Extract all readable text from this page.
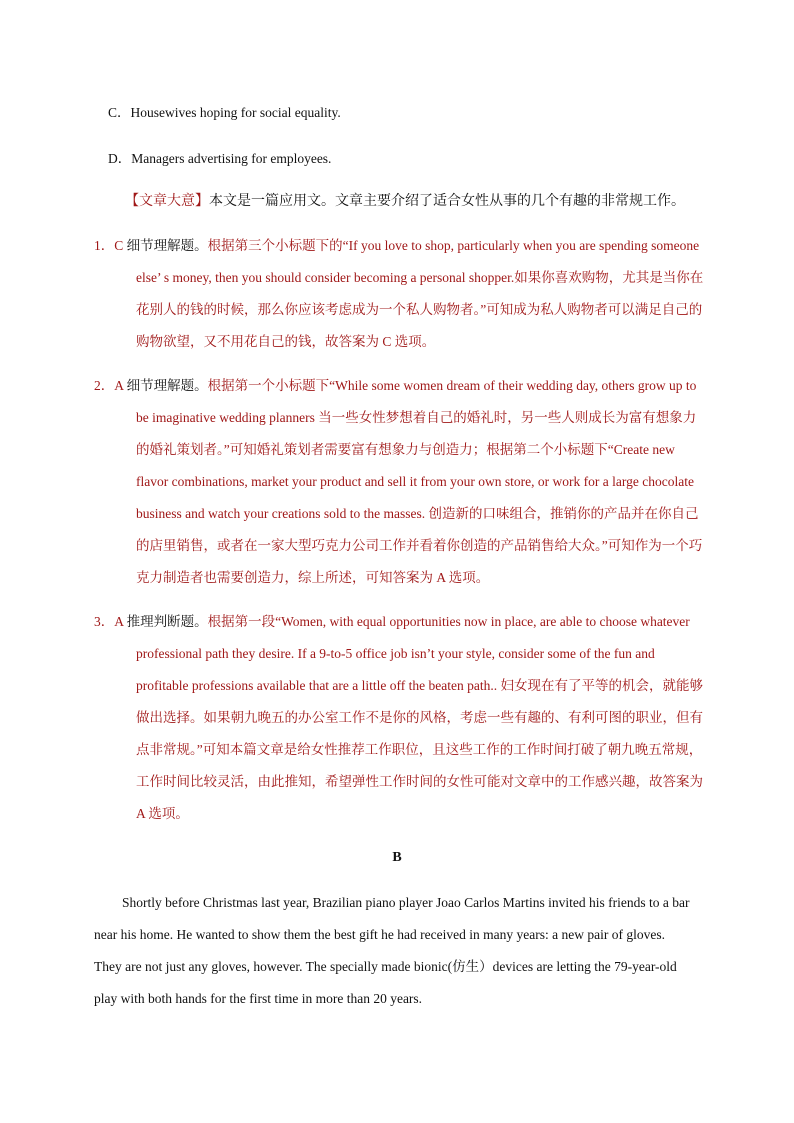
C．Housewives hoping for social equality.
D．Managers advertising for employees.
【文章大意】本文是一篇应用文。文章主要介绍了适合女性从事的几个有趣的非常规工作。
1．C 细节理解题。根据第三个小标题下的“If you love to shop, particularly when you are spending someone else’ s money, then you should consider becoming a personal shopper.如果你喜欢购物，尤其是当你在花别人的钱的时候，那么你应该考虑成为一个私人购物者。”可知成为私人购物者可以满足自己的购物欲望，又不用花自己的钱，故答案为 C 选项。
2．A 细节理解题。根据第一个小标题下“While some women dream of their wedding day, others grow up to be imaginative wedding planners 当一些女性梦想着自己的婚礼时，另一些人则成长为富有想象力的婚礼策划者。”可知婚礼策划者需要富有想象力与创造力；根据第二个小标题下“Create new flavor combinations, market your product and sell it from your own store, or work for a large chocolate business and watch your creations sold to the masses. 创造新的口味组合，推销你的产品并在你自己的店里销售，或者在一家大型巧克力公司工作并看着你创造的产品销售给大众。”可知作为一个巧克力制造者也需要创造力，综上所述，可知答案为 A 选项。
3．A 推理判断题。根据第一段“Women, with equal opportunities now in place, are able to choose whatever professional path they desire. If a 9-to-5 office job isn’t your style, consider some of the fun and profitable professions available that are a little off the beaten path.. 妇女现在有了平等的机会，就能够做出选择。如果朝九晚五的办公室工作不是你的风格，考虑一些有趣的、有利可图的职业，但有点非常规。”可知本篇文章是给女性推荐工作职位，且这些工作的工作时间打破了朝九晚五常规，工作时间比较灵活，由此推知，希望弹性工作时间的女性可能对文章中的工作感兴趣，故答案为 A 选项。
B

Shortly before Christmas last year, Brazilian piano player Joao Carlos Martins invited his friends to a bar near his home. He wanted to show them the best gift he had received in many years: a new pair of gloves. They are not just any gloves, however. The specially made bionic(仿生）devices are letting the 79-year-old play with both hands for the first time in more than 20 years.
